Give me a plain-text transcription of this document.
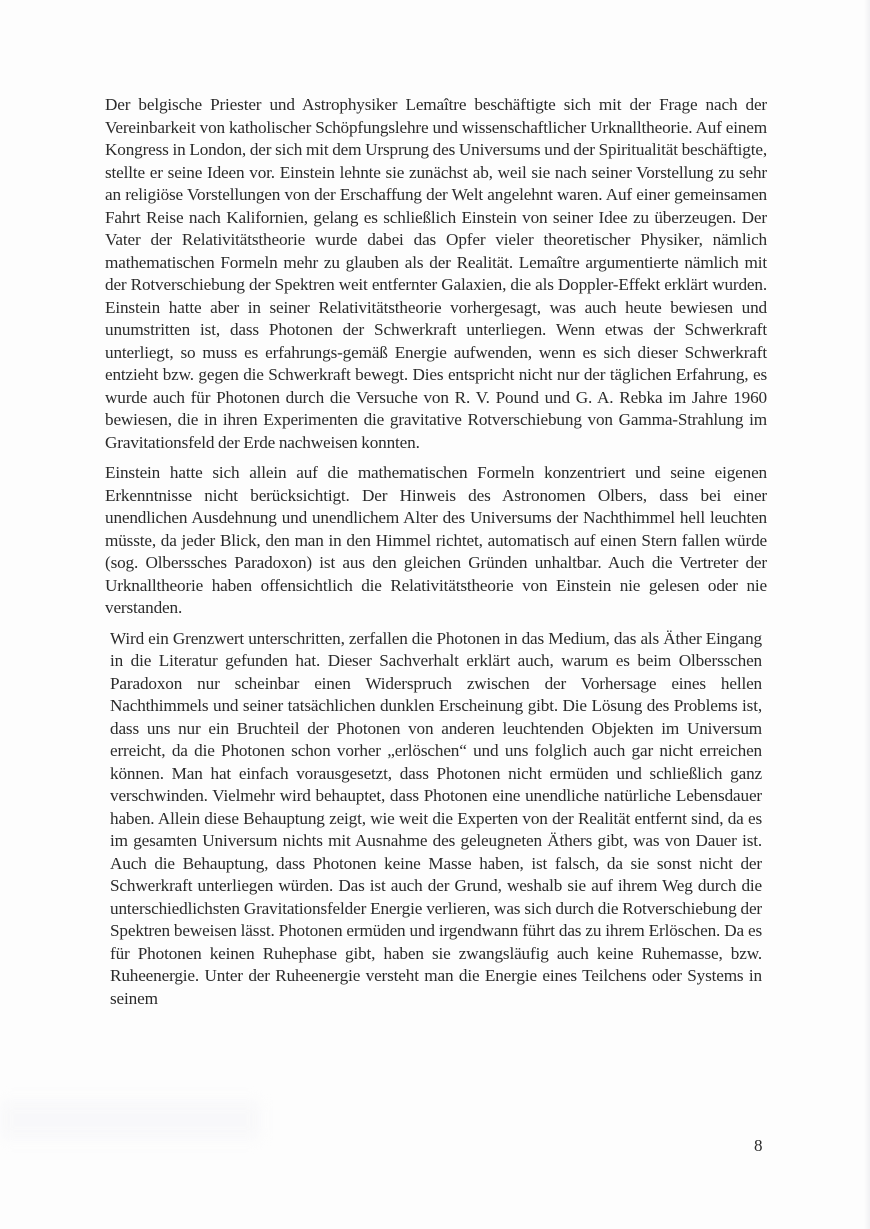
Der belgische Priester und Astrophysiker Lemaître beschäftigte sich mit der Frage nach der Vereinbarkeit von katholischer Schöpfungslehre und wissenschaftlicher Urknalltheorie. Auf einem Kongress in London, der sich mit dem Ursprung des Universums und der Spiritualität beschäftigte, stellte er seine Ideen vor. Einstein lehnte sie zunächst ab, weil sie nach seiner Vorstellung zu sehr an religiöse Vorstellungen von der Erschaffung der Welt angelehnt waren. Auf einer gemeinsamen Fahrt Reise nach Kalifornien, gelang es schließlich Einstein von seiner Idee zu überzeugen. Der Vater der Relativitätstheorie wurde dabei das Opfer vieler theoretischer Physiker, nämlich mathematischen Formeln mehr zu glauben als der Realität. Lemaître argumentierte nämlich mit der Rotverschiebung der Spektren weit entfernter Galaxien, die als Doppler-Effekt erklärt wurden. Einstein hatte aber in seiner Relativitätstheorie vorhergesagt, was auch heute bewiesen und unumstritten ist, dass Photonen der Schwerkraft unterliegen. Wenn etwas der Schwerkraft unterliegt, so muss es erfahrungs-gemäß Energie aufwenden, wenn es sich dieser Schwerkraft entzieht bzw. gegen die Schwerkraft bewegt. Dies entspricht nicht nur der täglichen Erfahrung, es wurde auch für Photonen durch die Versuche von R. V. Pound und G. A. Rebka im Jahre 1960 bewiesen, die in ihren Experimenten die gravitative Rotverschiebung von Gamma-Strahlung im Gravitationsfeld der Erde nachweisen konnten.

Einstein hatte sich allein auf die mathematischen Formeln konzentriert und seine eigenen Erkenntnisse nicht berücksichtigt. Der Hinweis des Astronomen Olbers, dass bei einer unendlichen Ausdehnung und unendlichem Alter des Universums der Nachthimmel hell leuchten müsste, da jeder Blick, den man in den Himmel richtet, automatisch auf einen Stern fallen würde (sog. Olberssches Paradoxon) ist aus den gleichen Gründen unhaltbar. Auch die Vertreter der Urknalltheorie haben offensichtlich die Relativitätstheorie von Einstein nie gelesen oder nie verstanden.

Wird ein Grenzwert unterschritten, zerfallen die Photonen in das Medium, das als Äther Eingang in die Literatur gefunden hat. Dieser Sachverhalt erklärt auch, warum es beim Olbersschen Paradoxon nur scheinbar einen Widerspruch zwischen der Vorhersage eines hellen Nachthimmels und seiner tatsächlichen dunklen Erscheinung gibt. Die Lösung des Problems ist, dass uns nur ein Bruchteil der Photonen von anderen leuchtenden Objekten im Universum erreicht, da die Photonen schon vorher „erlöschen“ und uns folglich auch gar nicht erreichen können. Man hat einfach vorausgesetzt, dass Photonen nicht ermüden und schließlich ganz verschwinden. Vielmehr wird behauptet, dass Photonen eine unendliche natürliche Lebensdauer haben. Allein diese Behauptung zeigt, wie weit die Experten von der Realität entfernt sind, da es im gesamten Universum nichts mit Ausnahme des geleugneten Äthers gibt, was von Dauer ist. Auch die Behauptung, dass Photonen keine Masse haben, ist falsch, da sie sonst nicht der Schwerkraft unterliegen würden. Das ist auch der Grund, weshalb sie auf ihrem Weg durch die unterschiedlichsten Gravitationsfelder Energie verlieren, was sich durch die Rotverschiebung der Spektren beweisen lässt. Photonen ermüden und irgendwann führt das zu ihrem Erlöschen. Da es für Photonen keinen Ruhephase gibt, haben sie zwangsläufig auch keine Ruhemasse, bzw. Ruheenergie. Unter der Ruheenergie versteht man die Energie eines Teilchens oder Systems in seinem

8
